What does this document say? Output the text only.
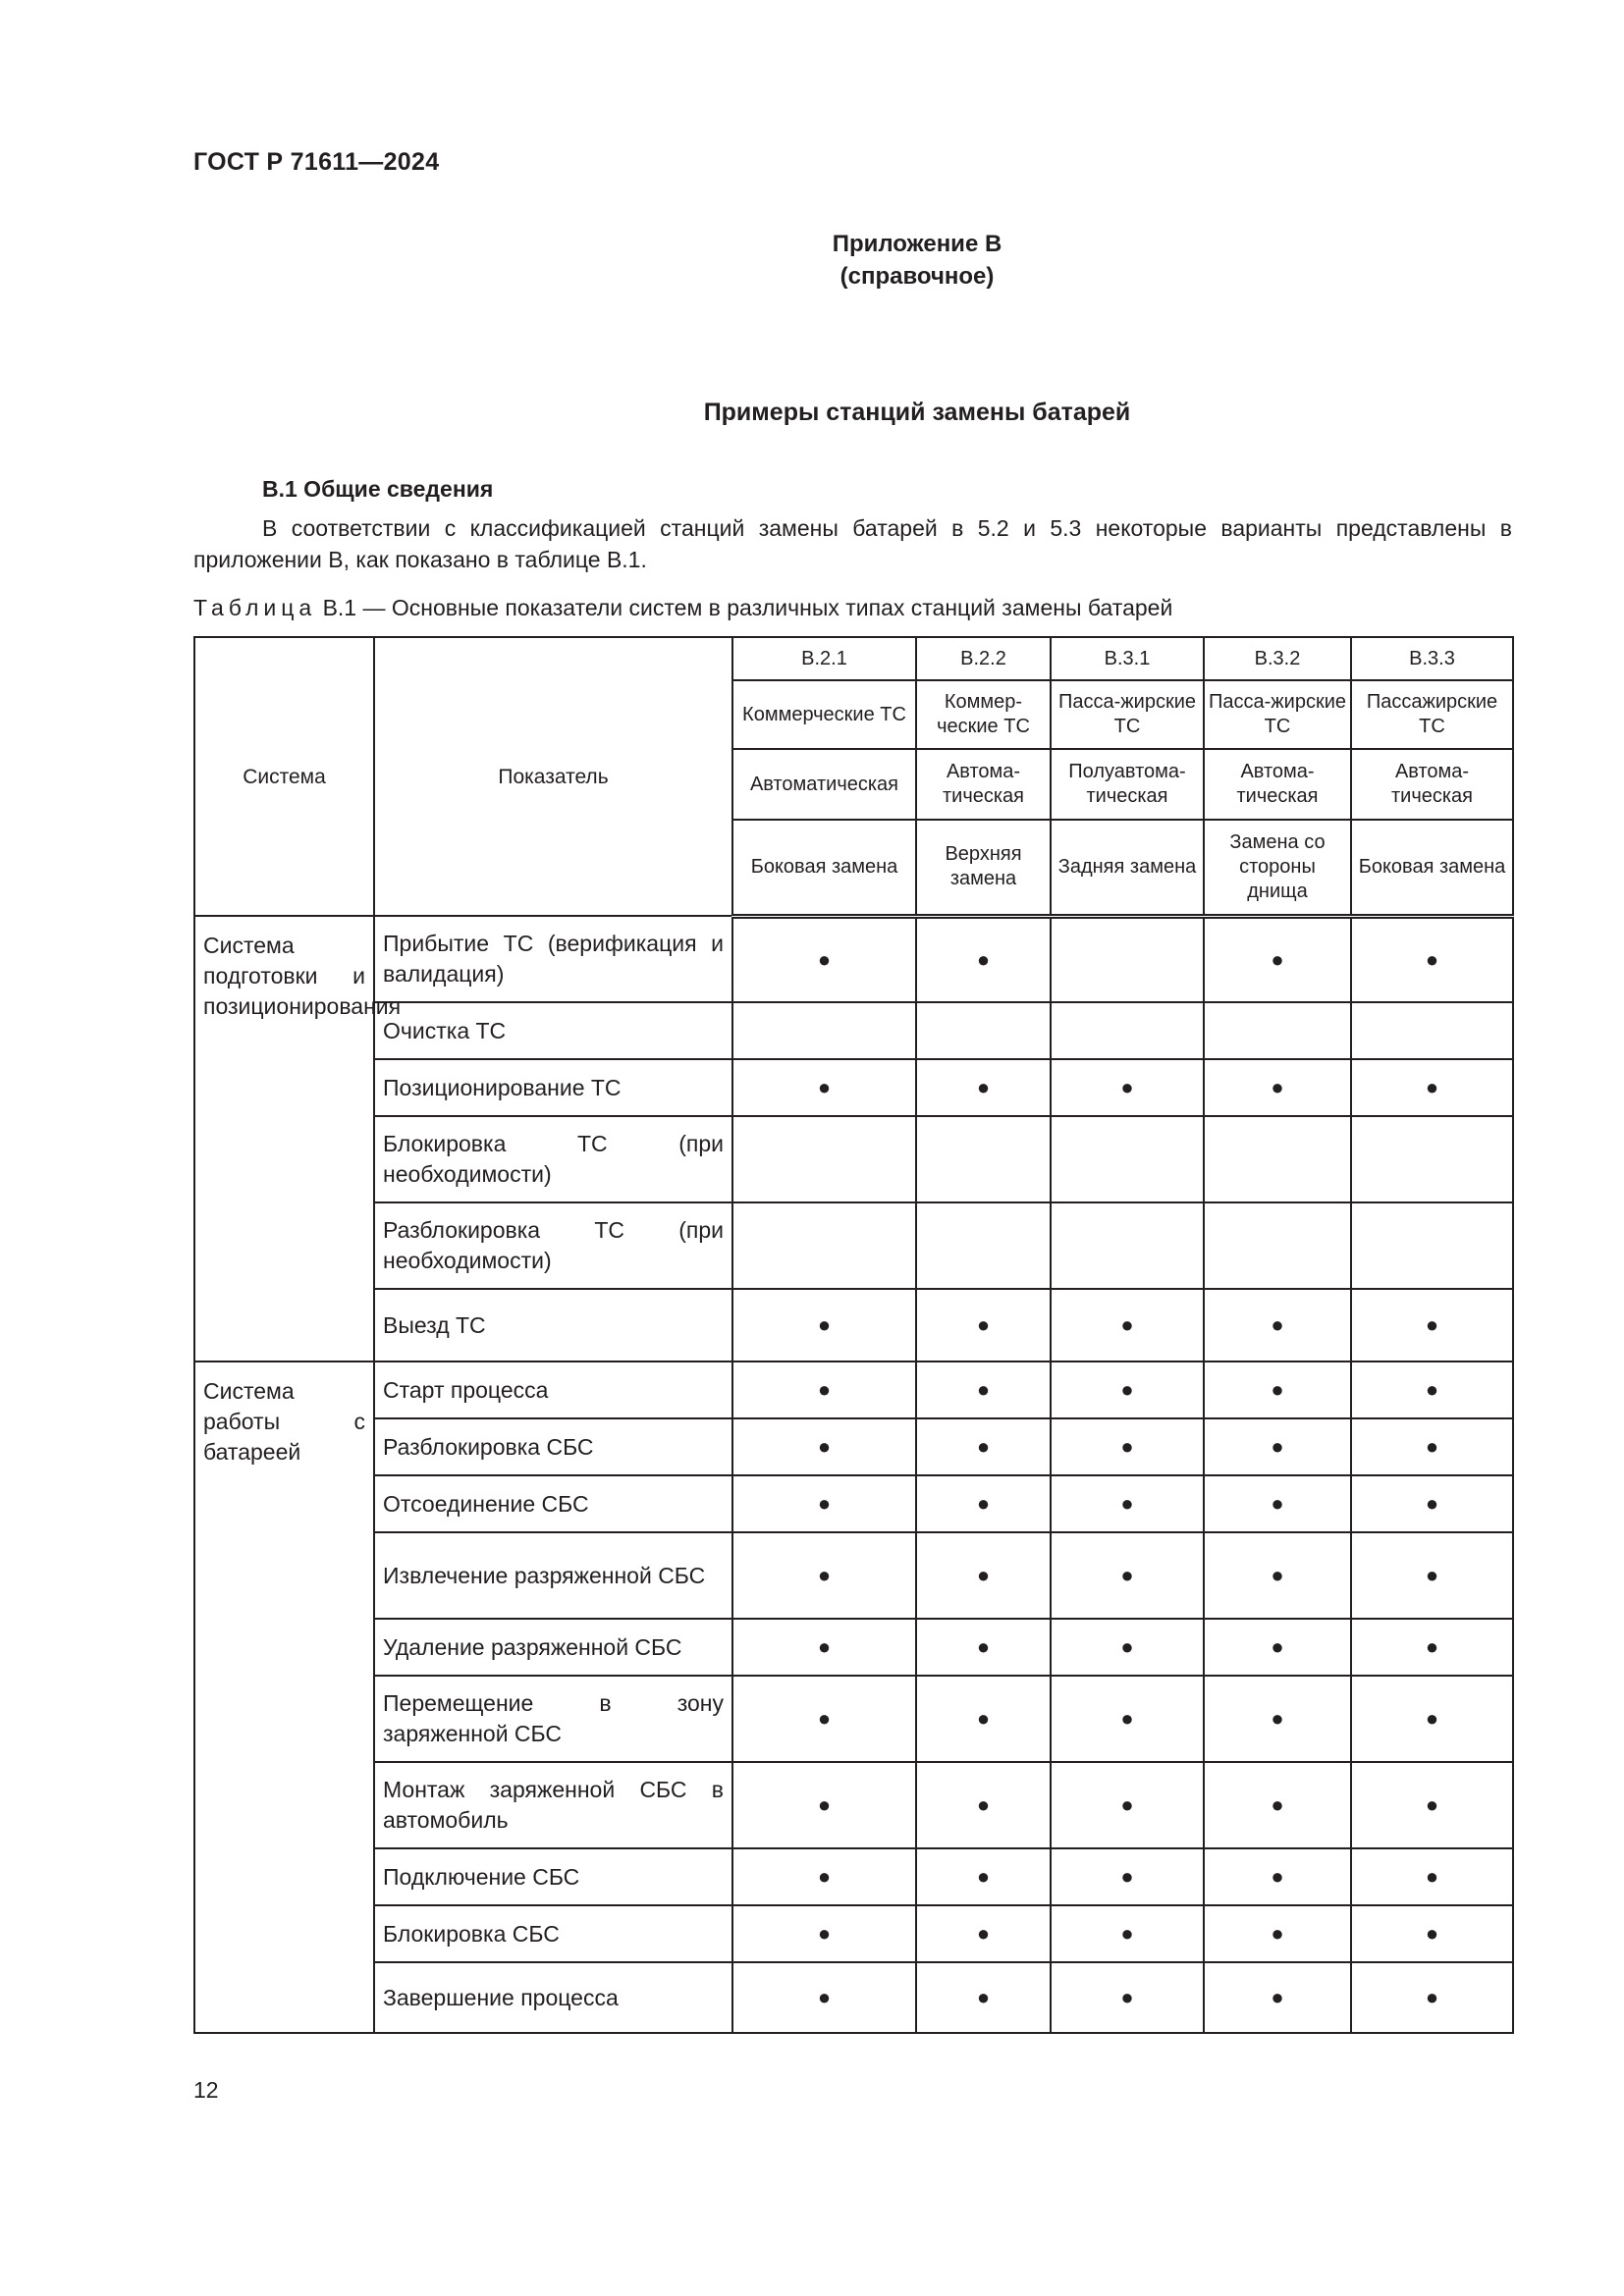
ГОСТ Р 71611—2024
Приложение В
(справочное)
Примеры станций замены батарей
В.1 Общие сведения

В соответствии с классификацией станций замены батарей в 5.2 и 5.3 некоторые варианты представлены в приложении В, как показано в таблице В.1.

Таблица В.1 — Основные показатели систем в различных типах станций замены батарей
Система	Показатель	В.2.1	В.2.2	В.3.1	В.3.2	В.3.3
		Коммерческие ТС	Коммер-ческие ТС	Пасса-жирские ТС	Пасса-жирские ТС	Пассажирские ТС
		Автоматическая	Автома-тическая	Полуавтома-тическая	Автома-тическая	Автома-тическая
		Боковая замена	Верхняя замена	Задняя замена	Замена со стороны днища	Боковая замена
Система подготовки и позиционирования	Прибытие ТС (верификация и валидация)	●	●		●	●
	Очистка ТС					
	Позиционирование ТС	●	●	●	●	●
	Блокировка ТС (при необходимости)					
	Разблокировка ТС (при необходимости)					
	Выезд ТС	●	●	●	●	●
Система работы с батареей	Старт процесса	●	●	●	●	●
	Разблокировка СБС	●	●	●	●	●
	Отсоединение СБС	●	●	●	●	●
	Извлечение разряженной СБС	●	●	●	●	●
	Удаление разряженной СБС	●	●	●	●	●
	Перемещение в зону заряженной СБС	●	●	●	●	●
	Монтаж заряженной СБС в автомобиль	●	●	●	●	●
	Подключение СБС	●	●	●	●	●
	Блокировка СБС	●	●	●	●	●
	Завершение процесса	●	●	●	●	●
12
